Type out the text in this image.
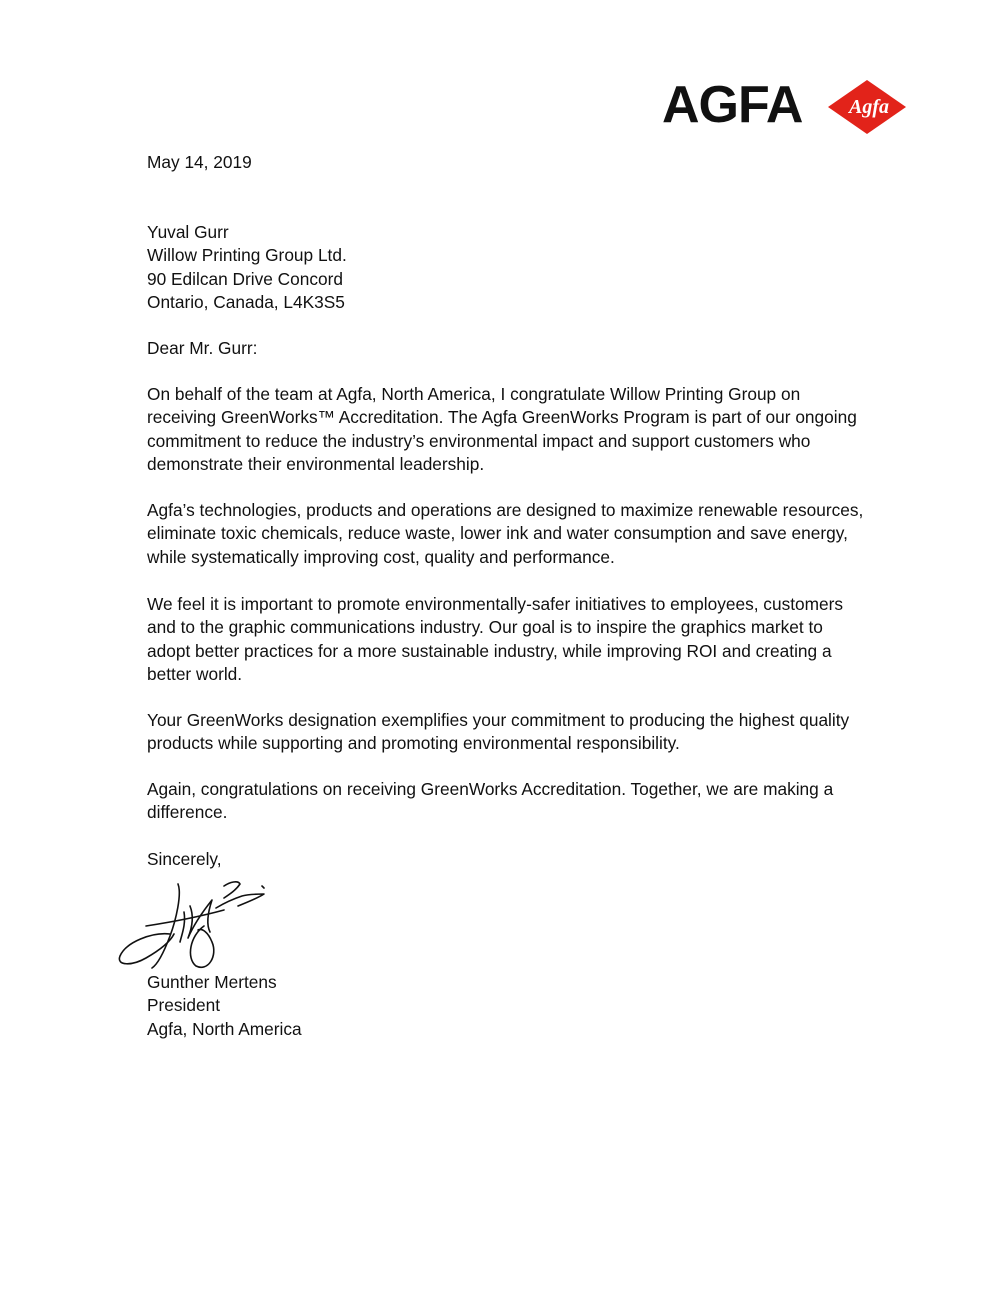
AGFA Agfa
May 14, 2019
Yuval Gurr
Willow Printing Group Ltd.
90 Edilcan Drive Concord
Ontario, Canada, L4K3S5
Dear Mr. Gurr:

On behalf of the team at Agfa, North America, I congratulate Willow Printing Group on receiving GreenWorks™ Accreditation. The Agfa GreenWorks Program is part of our ongoing commitment to reduce the industry’s environmental impact and support customers who demonstrate their environmental leadership.

Agfa’s technologies, products and operations are designed to maximize renewable resources, eliminate toxic chemicals, reduce waste, lower ink and water consumption and save energy, while systematically improving cost, quality and performance.

We feel it is important to promote environmentally-safer initiatives to employees, customers and to the graphic communications industry. Our goal is to inspire the graphics market to adopt better practices for a more sustainable industry, while improving ROI and creating a better world.

Your GreenWorks designation exemplifies your commitment to producing the highest quality products while supporting and promoting environmental responsibility.

Again, congratulations on receiving GreenWorks Accreditation. Together, we are making a difference.

Sincerely,
Gunther Mertens
President
Agfa, North America
